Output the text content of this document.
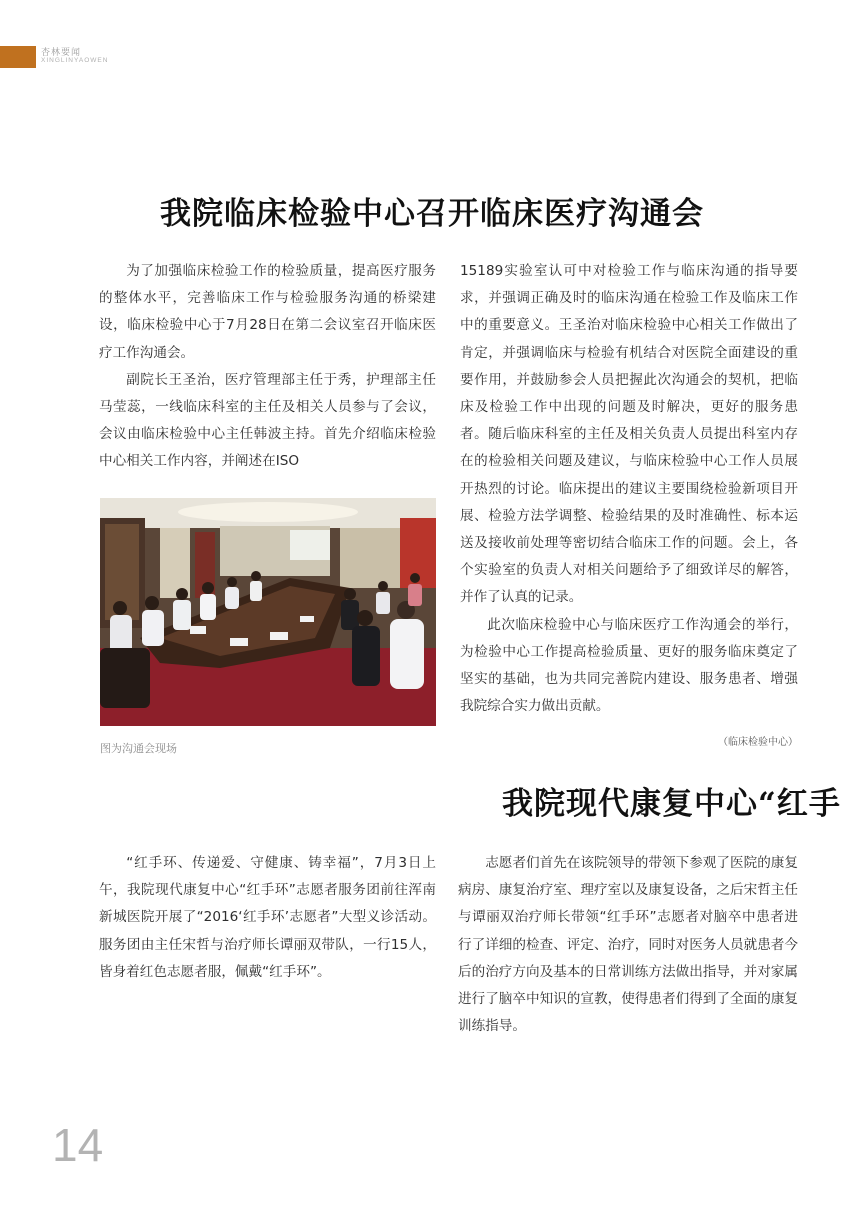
杏林要闻
XINGLINYAOWEN
我院临床检验中心召开临床医疗沟通会

为了加强临床检验工作的检验质量，提高医疗服务的整体水平，完善临床工作与检验服务沟通的桥梁建设，临床检验中心于7月28日在第二会议室召开临床医疗工作沟通会。

副院长王圣治，医疗管理部主任于秀，护理部主任马莹蕊，一线临床科室的主任及相关人员参与了会议，会议由临床检验中心主任韩波主持。首先介绍临床检验中心相关工作内容，并阐述在ISO

图为沟通会现场

15189实验室认可中对检验工作与临床沟通的指导要求，并强调正确及时的临床沟通在检验工作及临床工作中的重要意义。王圣治对临床检验中心相关工作做出了肯定，并强调临床与检验有机结合对医院全面建设的重要作用，并鼓励参会人员把握此次沟通会的契机，把临床及检验工作中出现的问题及时解决，更好的服务患者。随后临床科室的主任及相关负责人员提出科室内存在的检验相关问题及建议，与临床检验中心工作人员展开热烈的讨论。临床提出的建议主要围绕检验新项目开展、检验方法学调整、检验结果的及时准确性、标本运送及接收前处理等密切结合临床工作的问题。会上，各个实验室的负责人对相关问题给予了细致详尽的解答，并作了认真的记录。

此次临床检验中心与临床医疗工作沟通会的举行，为检验中心工作提高检验质量、更好的服务临床奠定了坚实的基础，也为共同完善院内建设、服务患者、增强我院综合实力做出贡献。

（临床检验中心）
我院现代康复中心“红手

“红手环、传递爱、守健康、铸幸福”，7月3日上午，我院现代康复中心“红手环”志愿者服务团前往浑南新城医院开展了“2016‘红手环’志愿者”大型义诊活动。服务团由主任宋哲与治疗师长谭丽双带队，一行15人，皆身着红色志愿者服，佩戴“红手环”。

志愿者们首先在该院领导的带领下参观了医院的康复病房、康复治疗室、理疗室以及康复设备，之后宋哲主任与谭丽双治疗师长带领“红手环”志愿者对脑卒中患者进行了详细的检查、评定、治疗，同时对医务人员就患者今后的治疗方向及基本的日常训练方法做出指导，并对家属进行了脑卒中知识的宣教，使得患者们得到了全面的康复训练指导。

14
